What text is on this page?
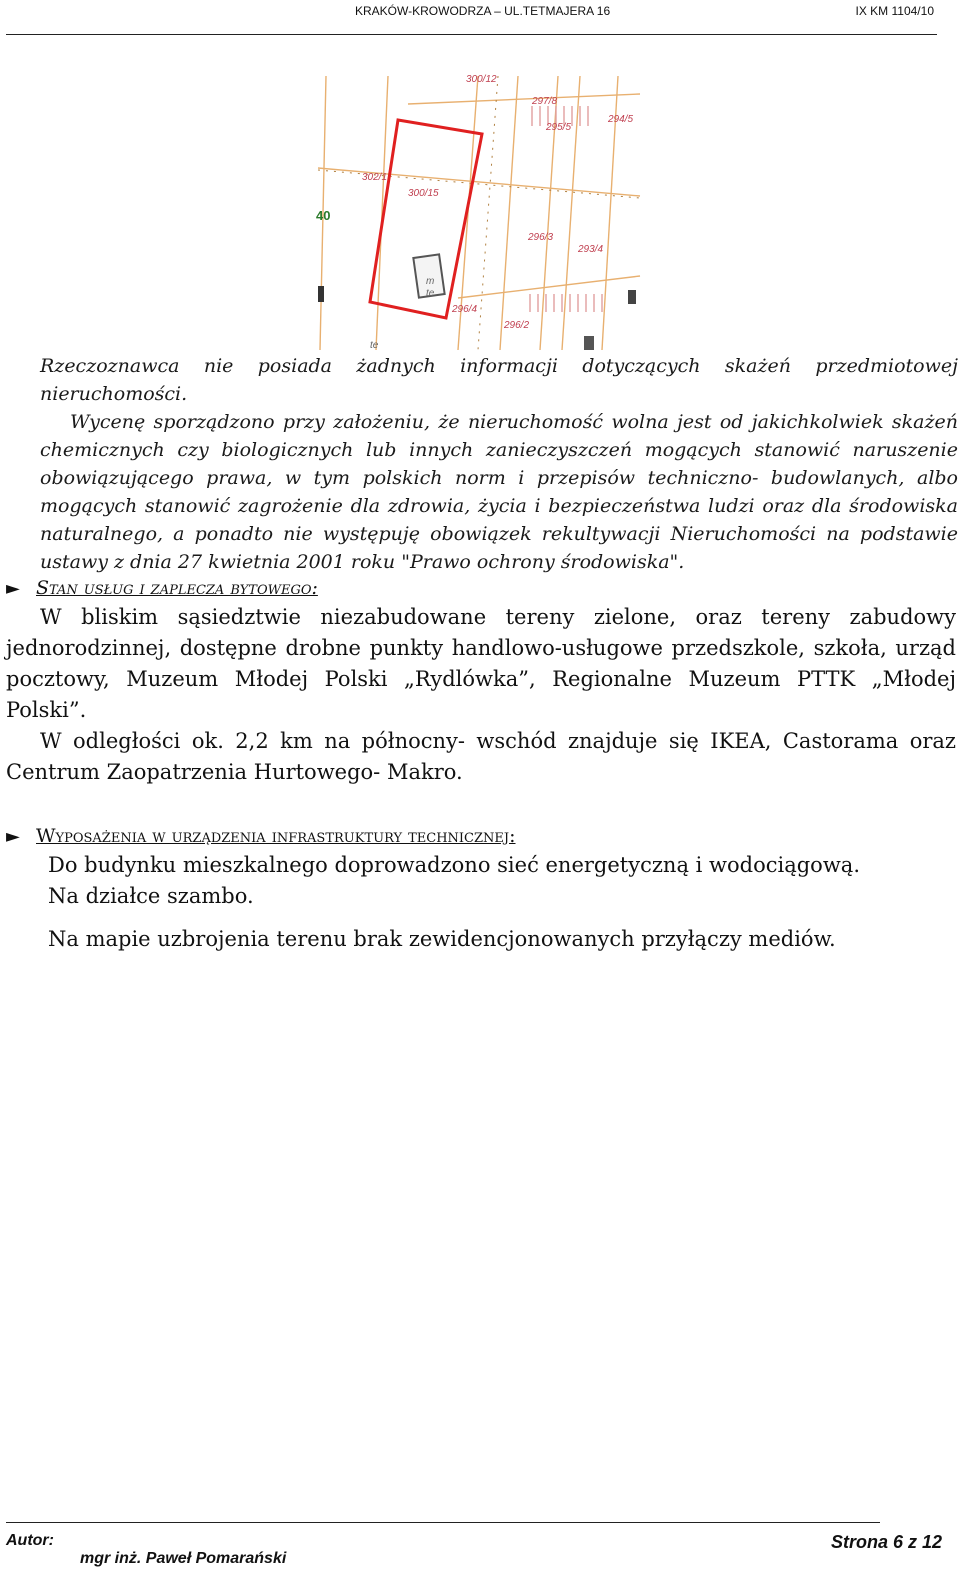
KRAKÓW-KROWODRZA – UL.TETMAJERA 16	IX KM 1104/10
300/12
297/8
295/5
294/5
302/1
300/15
296/3
293/4
m
te
296/4
296/2
te
40

Rzeczoznawca nie posiada żadnych informacji dotyczących skażeń przedmiotowej nieruchomości.

Wycenę sporządzono przy założeniu, że nieruchomość wolna jest od jakichkolwiek skażeń chemicznych czy biologicznych lub innych zanieczyszczeń mogących stanowić naruszenie obowiązującego prawa, w tym polskich norm i przepisów techniczno- budowlanych, albo mogących stanowić zagrożenie dla zdrowia, życia i bezpieczeństwa ludzi oraz dla środowiska naturalnego, a ponadto nie występuję obowiązek rekultywacji Nieruchomości na podstawie ustawy z dnia 27 kwietnia 2001 roku "Prawo ochrony środowiska".

► Stan usług i zaplecza bytowego:

W bliskim sąsiedztwie niezabudowane tereny zielone, oraz tereny zabudowy jednorodzinnej, dostępne drobne punkty handlowo-usługowe przedszkole, szkoła, urząd pocztowy, Muzeum Młodej Polski „Rydlówka”, Regionalne Muzeum PTTK „Młodej Polski”.

W odległości ok. 2,2 km na północny- wschód znajduje się IKEA, Castorama oraz Centrum Zaopatrzenia Hurtowego- Makro.

► Wyposażenia w urządzenia infrastruktury technicznej:
Do budynku mieszkalnego doprowadzono sieć energetyczną i wodociągową.
Na działce szambo.
Na mapie uzbrojenia terenu brak zewidencjonowanych przyłączy mediów.
Autor:
mgr inż. Paweł Pomarański
Strona 6 z 12
